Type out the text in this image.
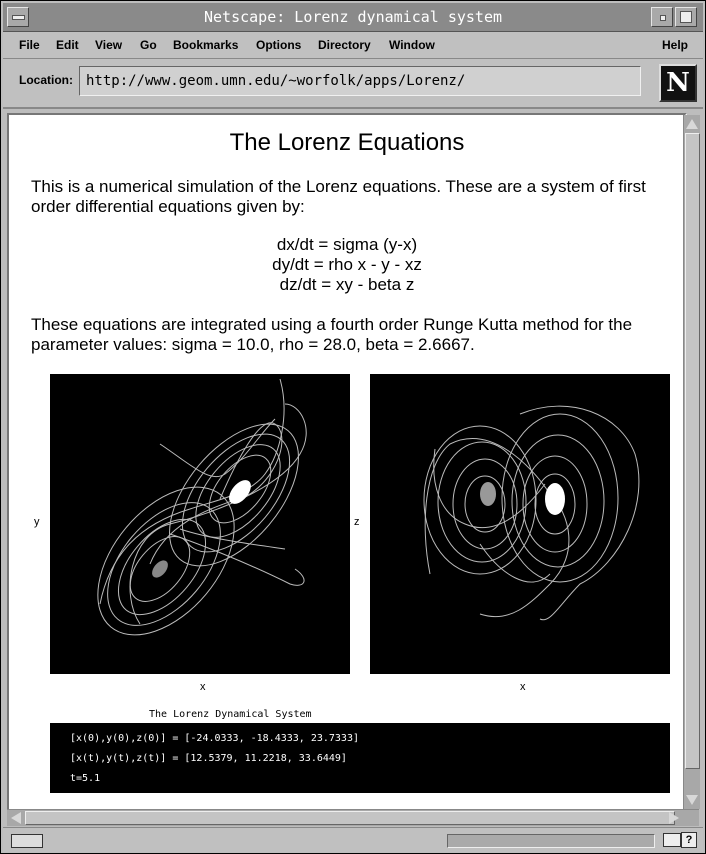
Netscape: Lorenz dynamical system
File Edit View Go Bookmarks Options Directory Window	Help
Location: http://www.geom.umn.edu/~worfolk/apps/Lorenz/	N
The Lorenz Equations
This is a numerical simulation of the Lorenz equations. These are a system of first order differential equations given by:
dx/dt = sigma (y-x)
dy/dt = rho x - y - xz
dz/dt = xy - beta z
These equations are integrated using a fourth order Runge Kutta method for the parameter values: sigma = 10.0, rho = 28.0, beta = 2.6667.
y
x
z
x
The Lorenz Dynamical System
[x(0),y(0),z(0)] = [-24.0333, -18.4333, 23.7333]
[x(t),y(t),z(t)] = [12.5379, 11.2218, 33.6449]
t=5.1
?
